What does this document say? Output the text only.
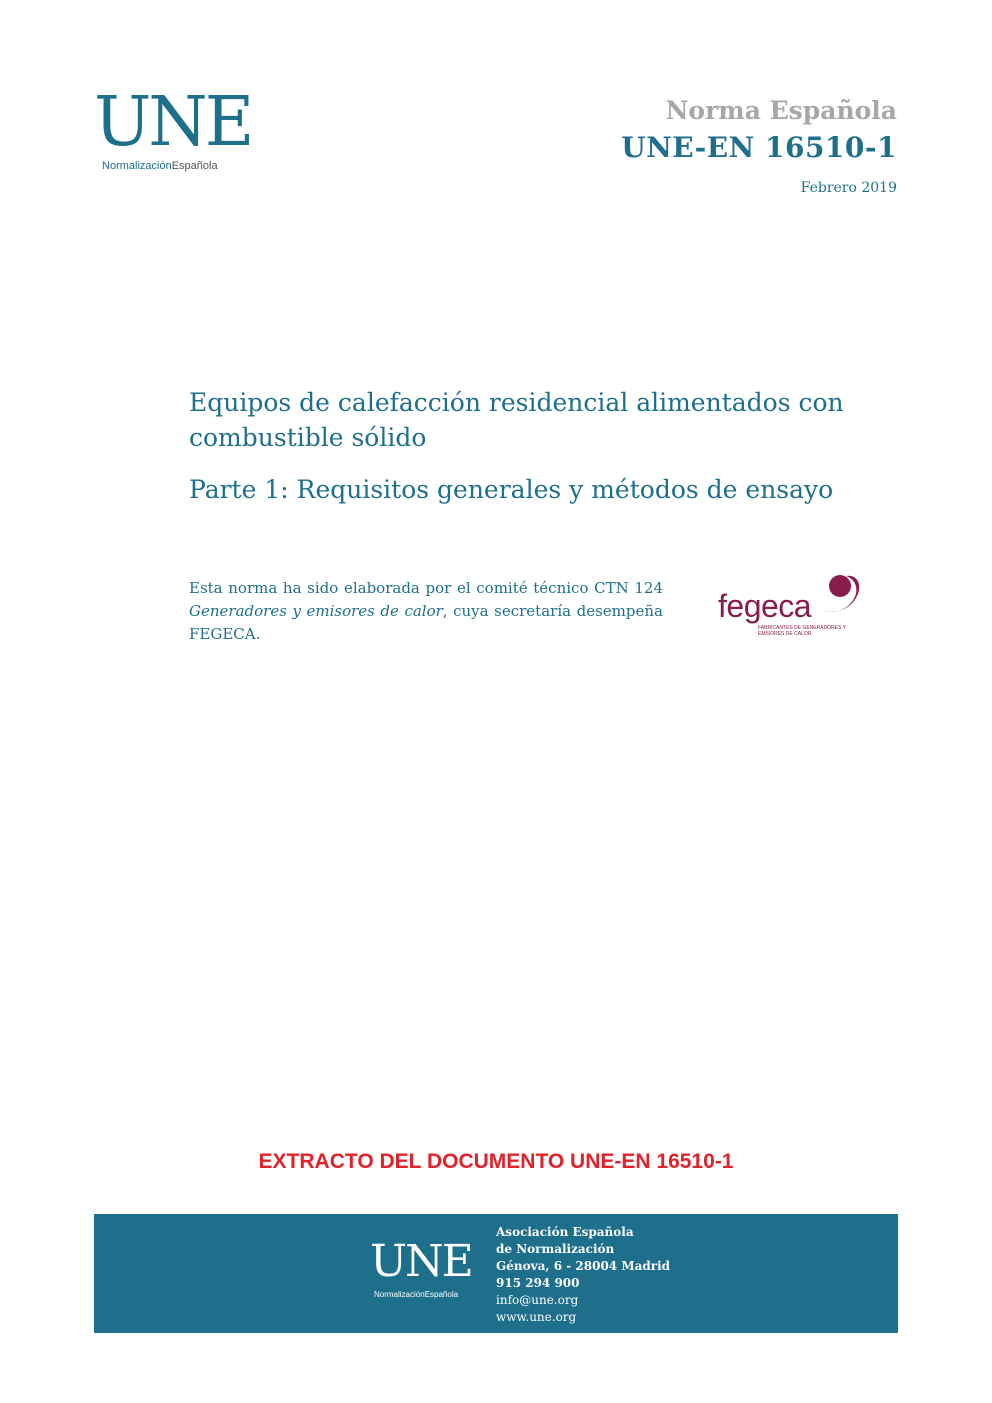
UNE
NormalizaciónEspañola
Norma Española
UNE-EN 16510-1
Febrero 2019
Equipos de calefacción residencial alimentados con combustible sólido
Parte 1: Requisitos generales y métodos de ensayo
Esta norma ha sido elaborada por el comité técnico CTN 124 Generadores y emisores de calor, cuya secretaría desempeña FEGECA.
fegeca
FABRICANTES DE GENERADORES Y EMISORES DE CALOR
EXTRACTO DEL DOCUMENTO UNE-EN 16510-1
UNE
NormalizaciónEspañola
Asociación Española
de Normalización
Génova, 6 - 28004 Madrid
915 294 900
info@une.org
www.une.org
